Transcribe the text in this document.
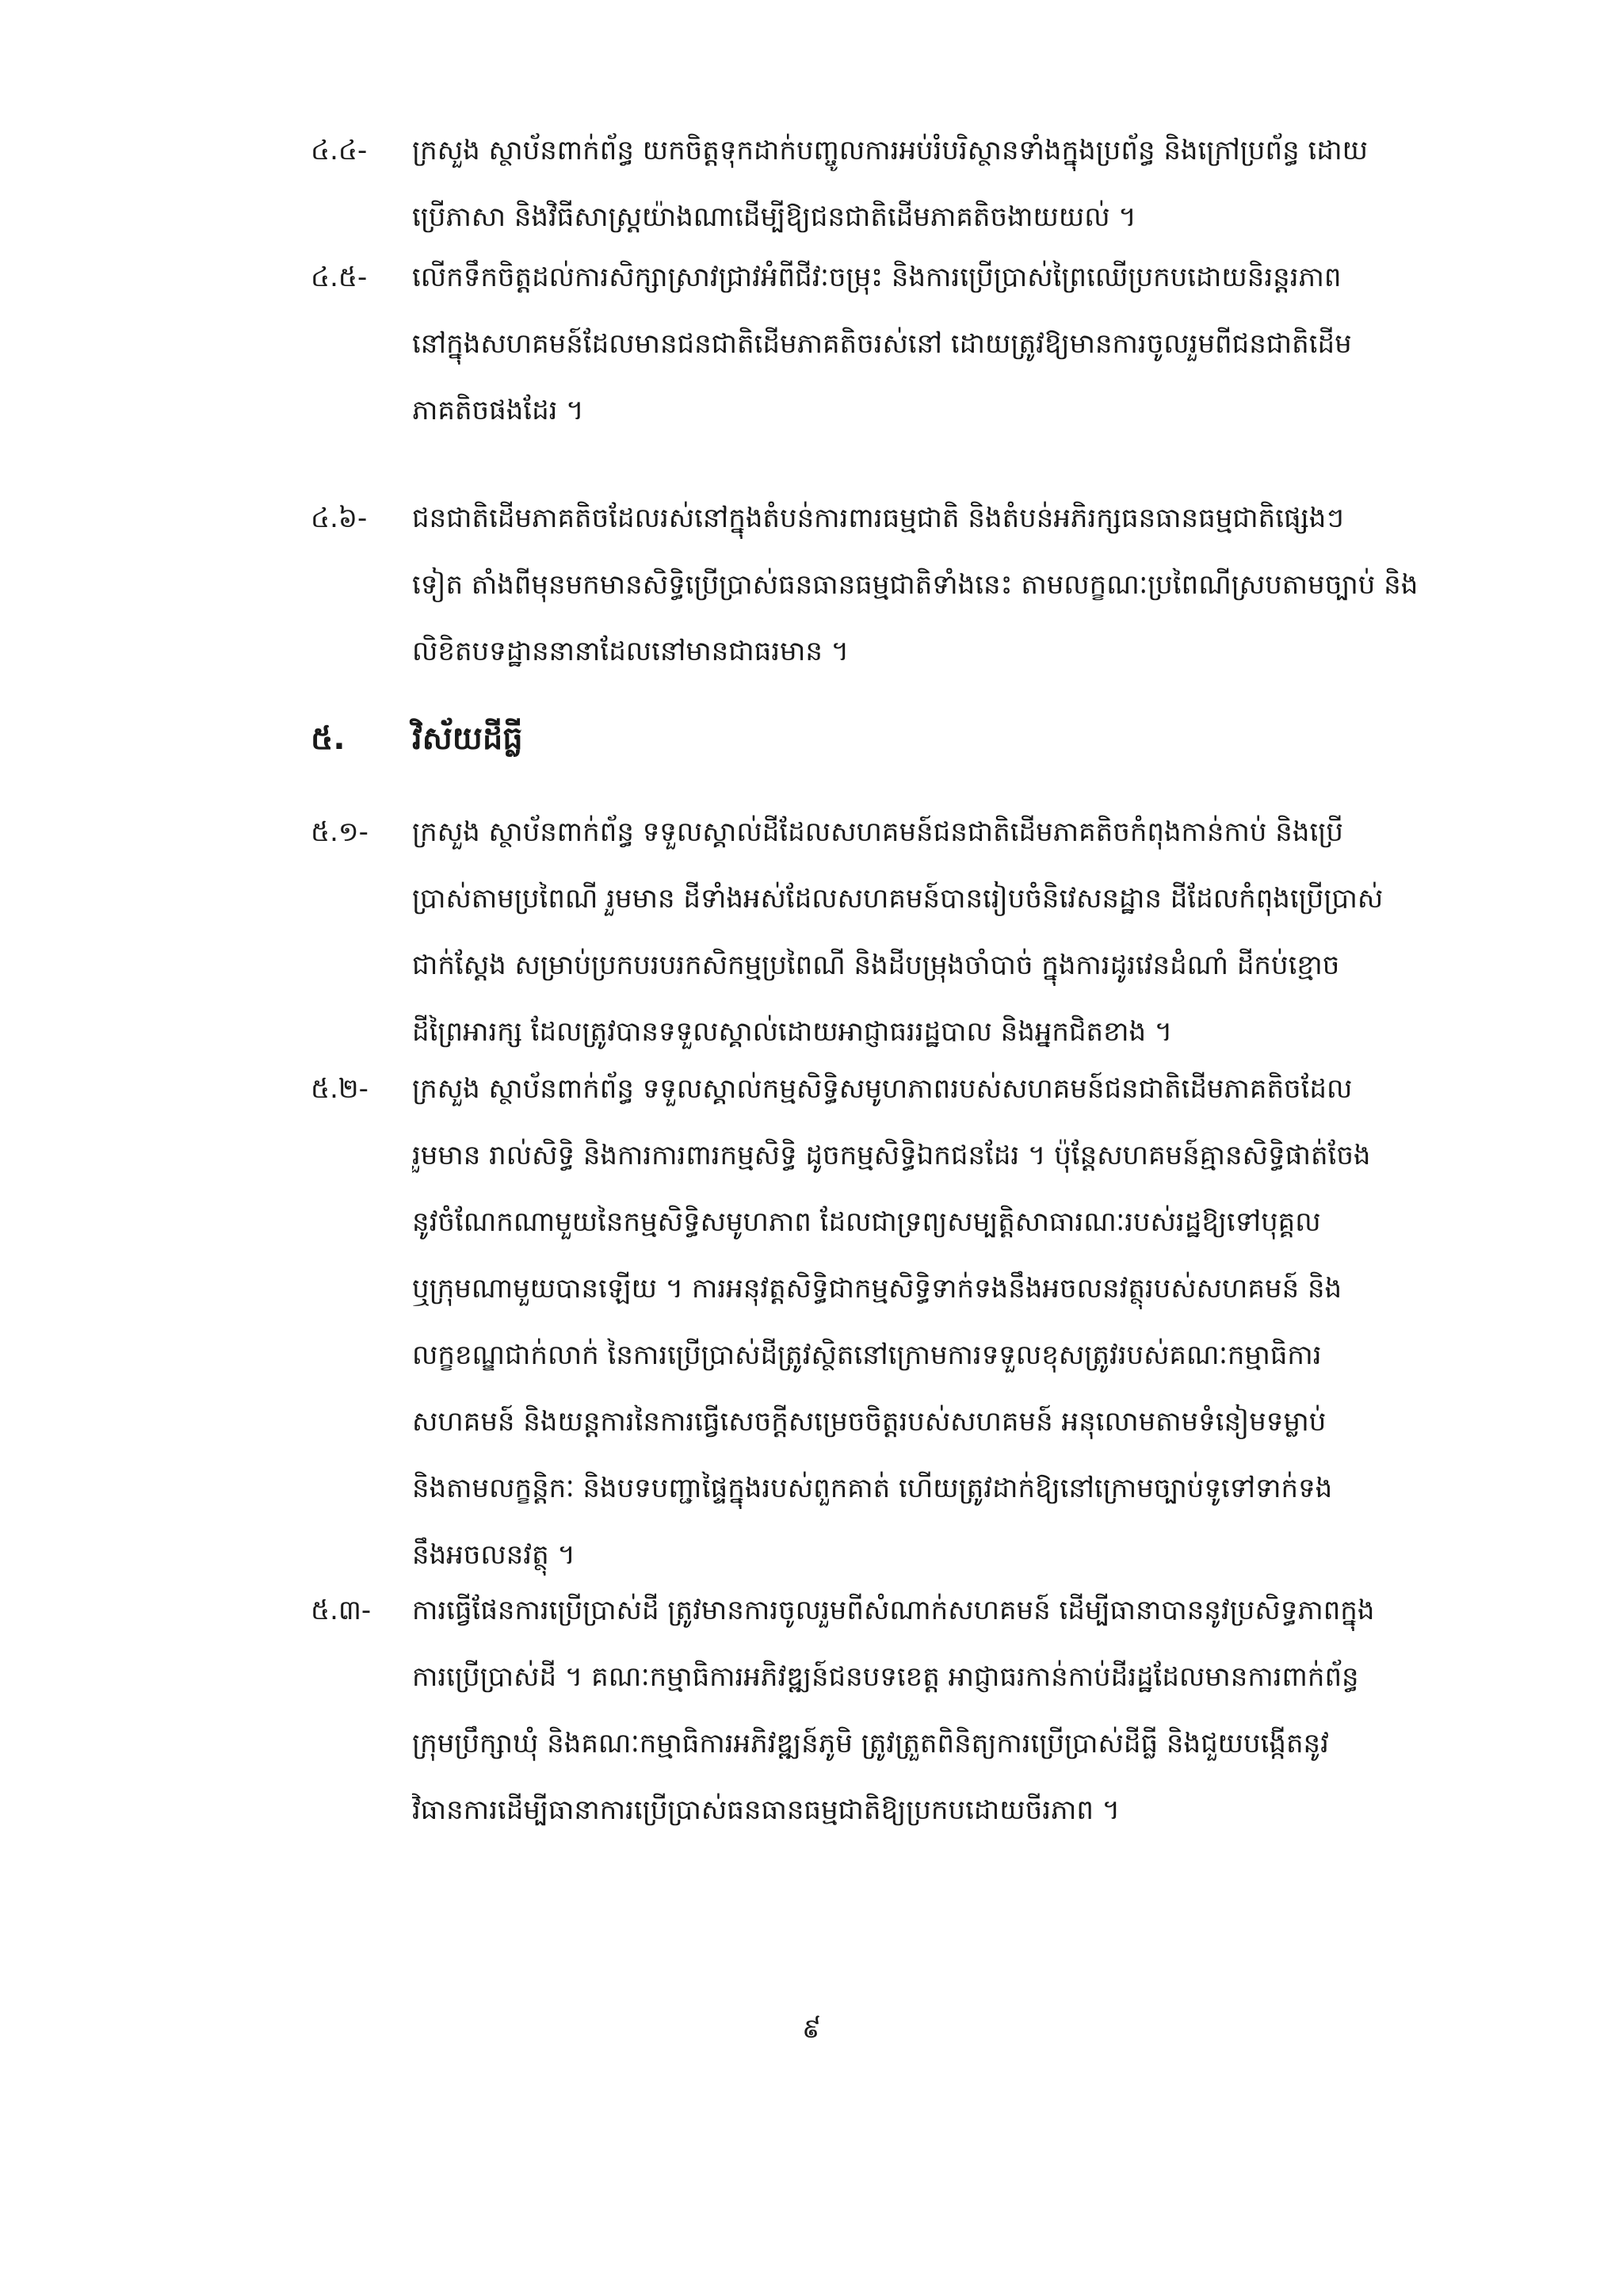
៤.៤- ក្រសួង ស្ថាប័នពាក់ព័ន្ធ យកចិត្តទុកដាក់បញ្ចូលការអប់រំបរិស្ថានទាំងក្នុងប្រព័ន្ធ និងក្រៅប្រព័ន្ធ ដោយ
ប្រើភាសា និងវិធីសាស្ត្រយ៉ាងណាដើម្បីឱ្យជនជាតិដើមភាគតិចងាយយល់ ។
៤.៥- លើកទឹកចិត្តដល់ការសិក្សាស្រាវជ្រាវអំពីជីវៈចម្រុះ និងការប្រើប្រាស់ព្រៃឈើប្រកបដោយនិរន្តរភាព
នៅក្នុងសហគមន៍ដែលមានជនជាតិដើមភាគតិចរស់នៅ ដោយត្រូវឱ្យមានការចូលរួមពីជនជាតិដើម
ភាគតិចផងដែរ ។
៤.៦- ជនជាតិដើមភាគតិចដែលរស់នៅក្នុងតំបន់ការពារធម្មជាតិ និងតំបន់អភិរក្សធនធានធម្មជាតិផ្សេងៗ
ទៀត តាំងពីមុនមកមានសិទ្ធិប្រើប្រាស់ធនធានធម្មជាតិទាំងនេះ តាមលក្ខណៈប្រពៃណីស្របតាមច្បាប់ និង
លិខិតបទដ្ឋាននានាដែលនៅមានជាធរមាន ។
៥.	វិស័យដីធ្លី
៥.១- ក្រសួង ស្ថាប័នពាក់ព័ន្ធ ទទួលស្គាល់ដីដែលសហគមន៍ជនជាតិដើមភាគតិចកំពុងកាន់កាប់ និងប្រើ
ប្រាស់តាមប្រពៃណី រួមមាន ដីទាំងអស់ដែលសហគមន៍បានរៀបចំនិវេសនដ្ឋាន ដីដែលកំពុងប្រើប្រាស់
ជាក់ស្តែង សម្រាប់ប្រកបរបរកសិកម្មប្រពៃណី និងដីបម្រុងចាំបាច់ ក្នុងការដូរវេនដំណាំ ដីកប់ខ្មោច
ដីព្រៃអារក្ស ដែលត្រូវបានទទួលស្គាល់ដោយអាជ្ញាធររដ្ឋបាល និងអ្នកជិតខាង ។
៥.២- ក្រសួង ស្ថាប័នពាក់ព័ន្ធ ទទួលស្គាល់កម្មសិទ្ធិសមូហភាពរបស់សហគមន៍ជនជាតិដើមភាគតិចដែល
រួមមាន រាល់សិទ្ធិ និងការការពារកម្មសិទ្ធិ ដូចកម្មសិទ្ធិឯកជនដែរ ។ ប៉ុន្តែសហគមន៍គ្មានសិទ្ធិផាត់ចែង
នូវចំណែកណាមួយនៃកម្មសិទ្ធិសមូហភាព ដែលជាទ្រព្យសម្បត្តិសាធារណៈរបស់រដ្ឋឱ្យទៅបុគ្គល
ឬក្រុមណាមួយបានឡើយ ។ ការអនុវត្តសិទ្ធិជាកម្មសិទ្ធិទាក់ទងនឹងអចលនវត្ថុរបស់សហគមន៍ និង
លក្ខខណ្ឌជាក់លាក់ នៃការប្រើប្រាស់ដីត្រូវស្ថិតនៅក្រោមការទទួលខុសត្រូវរបស់គណៈកម្មាធិការ
សហគមន៍ និងយន្តការនៃការធ្វើសេចក្តីសម្រេចចិត្តរបស់សហគមន៍ អនុលោមតាមទំនៀមទម្លាប់
និងតាមលក្ខន្តិកៈ និងបទបញ្ជាផ្ទៃក្នុងរបស់ពួកគាត់ ហើយត្រូវដាក់ឱ្យនៅក្រោមច្បាប់ទូទៅទាក់ទង
នឹងអចលនវត្ថុ ។
៥.៣- ការធ្វើផែនការប្រើប្រាស់ដី ត្រូវមានការចូលរួមពីសំណាក់សហគមន៍ ដើម្បីធានាបាននូវប្រសិទ្ធភាពក្នុង
ការប្រើប្រាស់ដី ។ គណៈកម្មាធិការអភិវឌ្ឍន៍ជនបទខេត្ត អាជ្ញាធរកាន់កាប់ដីរដ្ឋដែលមានការពាក់ព័ន្ធ
ក្រុមប្រឹក្សាឃុំ និងគណៈកម្មាធិការអភិវឌ្ឍន៍ភូមិ ត្រូវត្រួតពិនិត្យការប្រើប្រាស់ដីធ្លី និងជួយបង្កើតនូវ
វិធានការដើម្បីធានាការប្រើប្រាស់ធនធានធម្មជាតិឱ្យប្រកបដោយចីរភាព ។
៩
